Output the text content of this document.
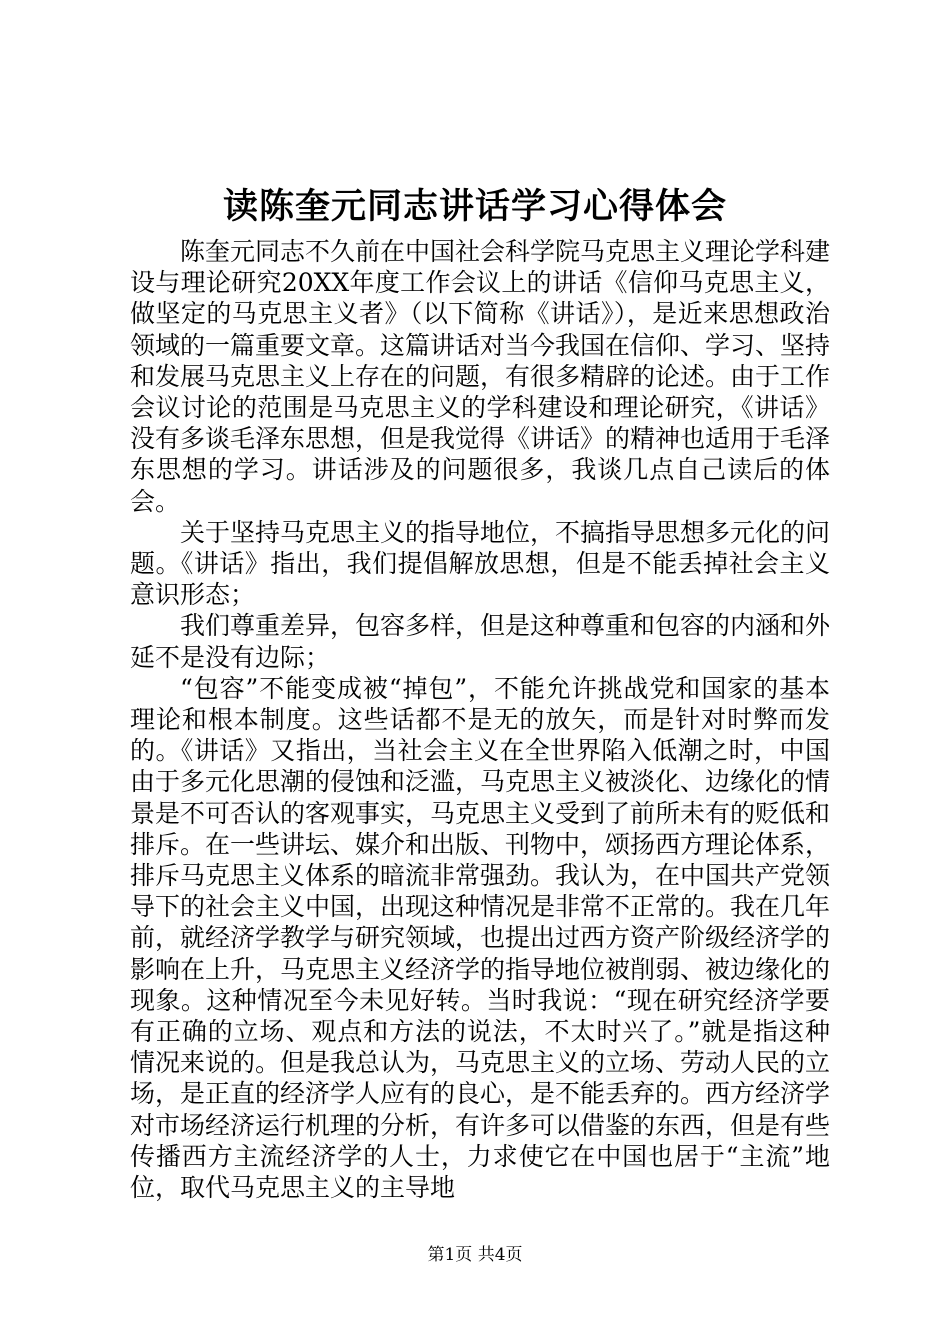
读陈奎元同志讲话学习心得体会

陈奎元同志不久前在中国社会科学院马克思主义理论学科建设与理论研究20XX年度工作会议上的讲话《信仰马克思主义，做坚定的马克思主义者》（以下简称《讲话》），是近来思想政治领域的一篇重要文章。这篇讲话对当今我国在信仰、学习、坚持和发展马克思主义上存在的问题，有很多精辟的论述。由于工作会议讨论的范围是马克思主义的学科建设和理论研究，《讲话》没有多谈毛泽东思想，但是我觉得《讲话》的精神也适用于毛泽东思想的学习。讲话涉及的问题很多，我谈几点自己读后的体会。

关于坚持马克思主义的指导地位，不搞指导思想多元化的问题。《讲话》指出，我们提倡解放思想，但是不能丢掉社会主义意识形态；

我们尊重差异，包容多样，但是这种尊重和包容的内涵和外延不是没有边际；

“包容”不能变成被“掉包”，不能允许挑战党和国家的基本理论和根本制度。这些话都不是无的放矢，而是针对时弊而发的。《讲话》又指出，当社会主义在全世界陷入低潮之时，中国由于多元化思潮的侵蚀和泛滥，马克思主义被淡化、边缘化的情景是不可否认的客观事实，马克思主义受到了前所未有的贬低和排斥。在一些讲坛、媒介和出版、刊物中，颂扬西方理论体系，排斥马克思主义体系的暗流非常强劲。我认为，在中国共产党领导下的社会主义中国，出现这种情况是非常不正常的。我在几年前，就经济学教学与研究领域，也提出过西方资产阶级经济学的影响在上升，马克思主义经济学的指导地位被削弱、被边缘化的现象。这种情况至今未见好转。当时我说：“现在研究经济学要有正确的立场、观点和方法的说法，不太时兴了。”就是指这种情况来说的。但是我总认为，马克思主义的立场、劳动人民的立场，是正直的经济学人应有的良心，是不能丢弃的。西方经济学对市场经济运行机理的分析，有许多可以借鉴的东西，但是有些传播西方主流经济学的人士，力求使它在中国也居于“主流”地位，取代马克思主义的主导地

第1页 共4页
